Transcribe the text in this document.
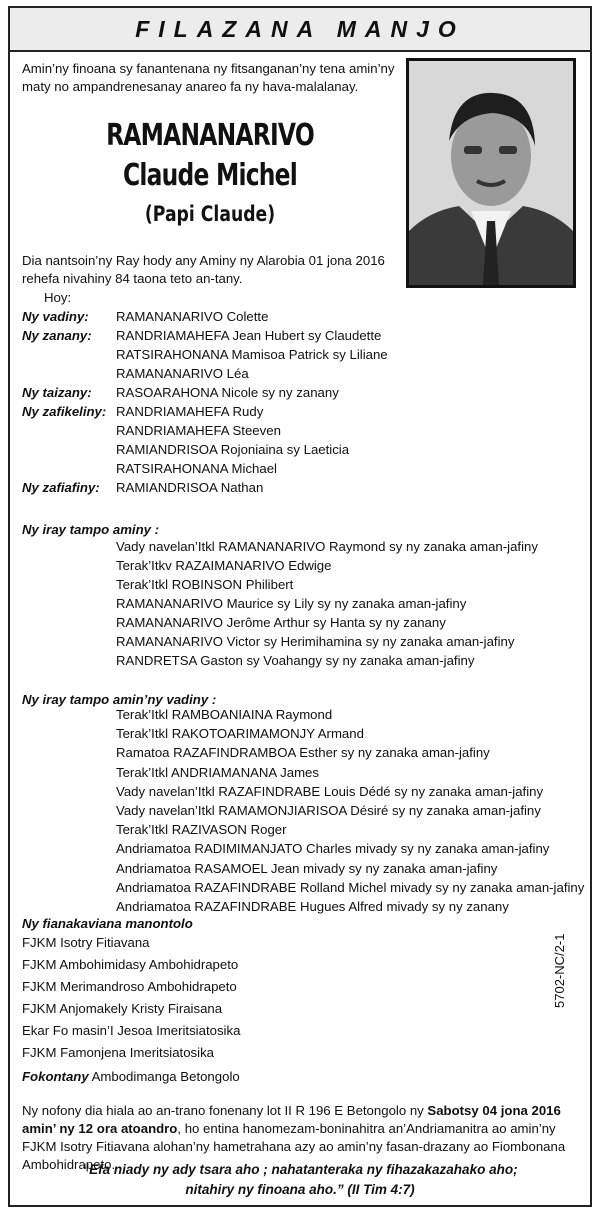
FILAZANA MANJO
Amin’ny finoana sy fanantenana ny fitsanganan’ny tena amin’ny maty no ampandrenesanay anareo fa ny hava-malalanay.
RAMANANARIVO
Claude Michel
(Papi Claude)
Dia nantsoin’ny Ray hody any Aminy ny Alarobia 01 jona 2016 rehefa nivahiny 84 taona teto an-tany.
Hoy:
Ny vadiny: RAMANANARIVO Colette
Ny zanany: RANDRIAMAHEFA Jean Hubert sy Claudette
RATSIRAHONANA Mamisoa Patrick sy Liliane
RAMANANARIVO Léa
Ny taizany: RASOARAHONA Nicole sy ny zanany
Ny zafikeliny: RANDRIAMAHEFA Rudy
RANDRIAMAHEFA Steeven
RAMIANDRISOA Rojoniaina sy Laeticia
RATSIRAHONANA Michael
Ny zafiafiny: RAMIANDRISOA Nathan
Ny iray tampo aminy :
Vady navelan’Itkl RAMANANARIVO Raymond sy ny zanaka aman-jafiny
Terak’Itkv RAZAIMANARIVO Edwige
Terak’Itkl ROBINSON Philibert
RAMANANARIVO Maurice sy Lily sy ny zanaka aman-jafiny
RAMANANARIVO Jerôme Arthur sy Hanta sy ny zanany
RAMANANARIVO Victor sy Herimihamina sy ny zanaka aman-jafiny
RANDRETSA Gaston sy Voahangy sy ny zanaka aman-jafiny
Ny iray tampo amin’ny vadiny :
Terak’Itkl RAMBOANIAINA Raymond
Terak’Itkl RAKOTOARIMAMONJY Armand
Ramatoa RAZAFINDRAMBOA Esther sy ny zanaka aman-jafiny
Terak’Itkl ANDRIAMANANA James
Vady navelan’Itkl RAZAFINDRABE Louis Dédé sy ny zanaka aman-jafiny
Vady navelan’Itkl RAMAMONJIARISOA Désiré sy ny zanaka aman-jafiny
Terak’Itkl RAZIVASON Roger
Andriamatoa RADIMIMANJATO Charles mivady sy ny zanaka aman-jafiny
Andriamatoa RASAMOEL Jean mivady sy ny zanaka aman-jafiny
Andriamatoa RAZAFINDRABE Rolland Michel mivady sy ny zanaka aman-jafiny
Andriamatoa RAZAFINDRABE Hugues Alfred mivady sy ny zanany
Ny fianakaviana manontolo
FJKM Isotry Fitiavana
FJKM Ambohimidasy Ambohidrapeto
FJKM Merimandroso Ambohidrapeto
FJKM Anjomakely Kristy Firaisana
Ekar Fo masin’I Jesoa Imeritsiatosika
FJKM Famonjena Imeritsiatosika
Fokontany Ambodimanga Betongolo
5702-NC/2-1
Ny nofony dia hiala ao an-trano fonenany lot II R 196 E Betongolo ny Sabotsy 04 jona 2016 amin’ ny 12 ora atoandro, ho entina hanomezam-boninahitra an’Andriamanitra ao amin’ny FJKM Isotry Fitiavana alohan’ny hametrahana azy ao amin’ny fasan-drazany ao Fiombonana Ambohidrapeto.
“Efa niady ny ady tsara aho ; nahatanteraka ny fihazakazahako aho;
nitahiry ny finoana aho.” (II Tim 4:7)
